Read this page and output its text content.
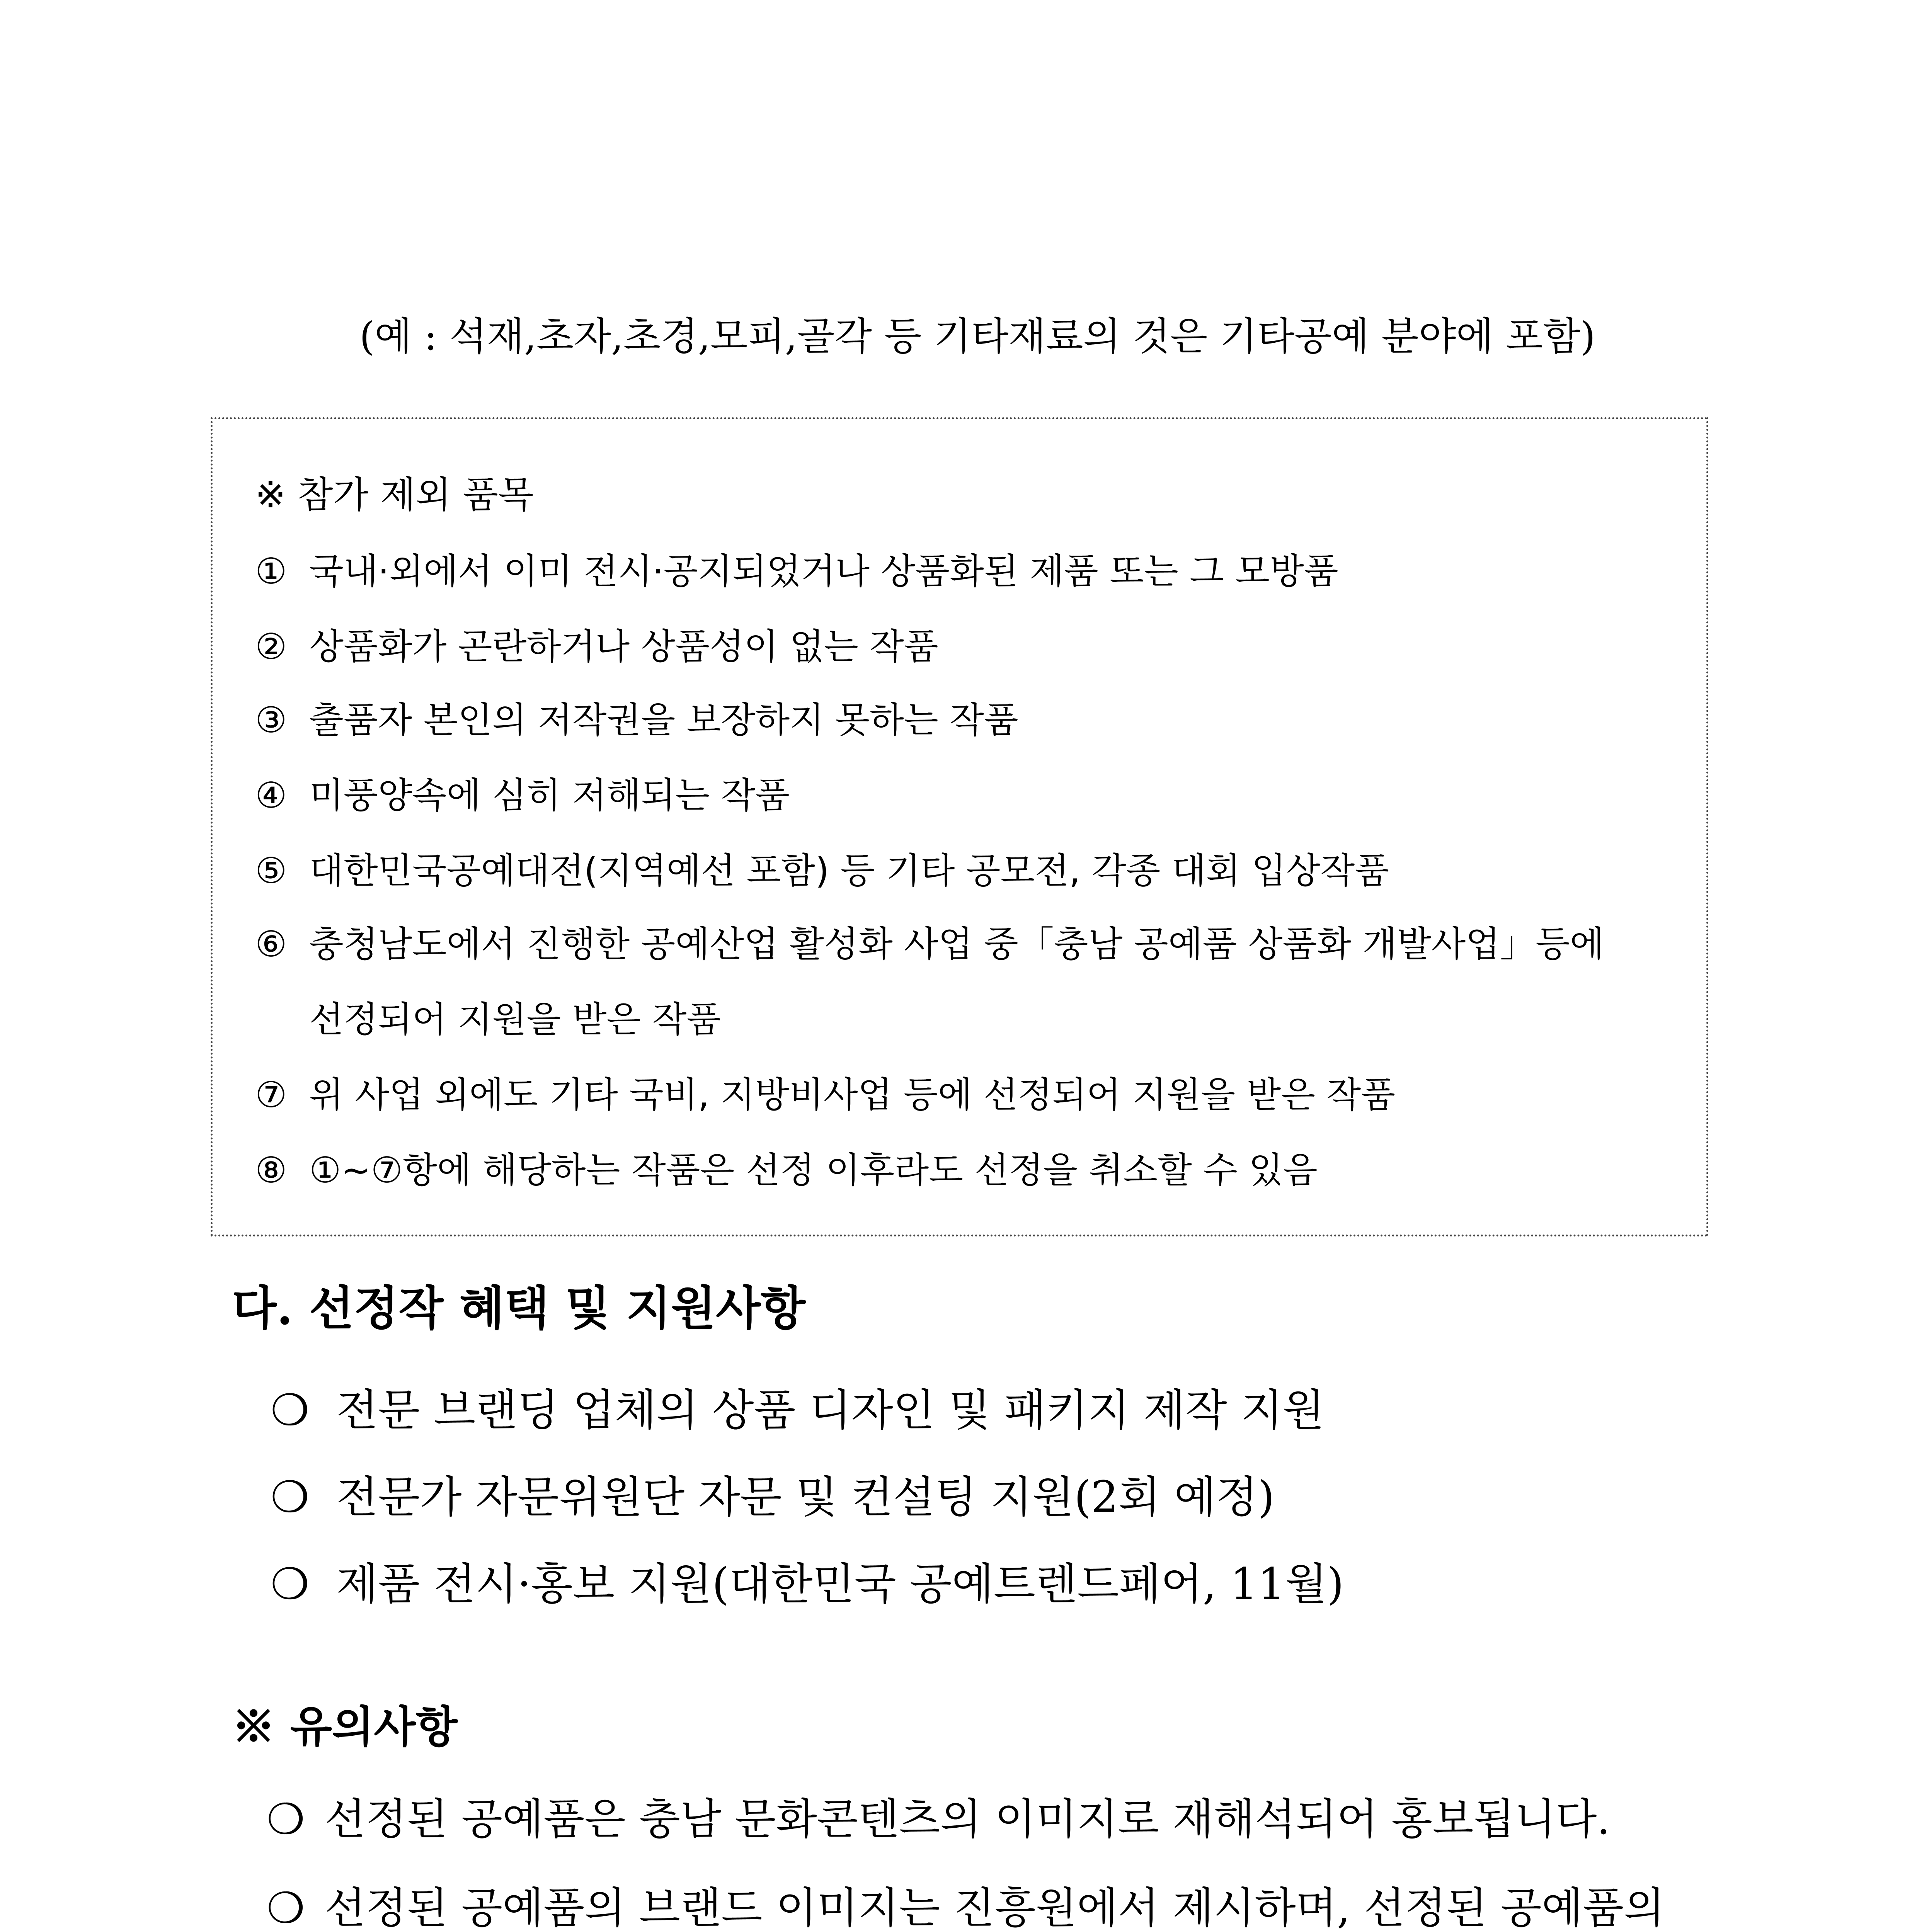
(예 : 석재,초자,초경,모피,골각 등 기타재료의 것은 기타공예 분야에 포함)
※ 참가 제외 품목
① 국내·외에서 이미 전시·공지되었거나 상품화된 제품 또는 그 모방품
② 상품화가 곤란하거나 상품성이 없는 작품
③ 출품자 본인의 저작권을 보장하지 못하는 작품
④ 미풍양속에 심히 저해되는 작품
⑤ 대한민국공예대전(지역예선 포함) 등 기타 공모전, 각종 대회 입상작품
⑥ 충청남도에서 진행한 공예산업 활성화 사업 중「충남 공예품 상품화 개발사업」등에
선정되어 지원을 받은 작품
⑦ 위 사업 외에도 기타 국비, 지방비사업 등에 선정되어 지원을 받은 작품
⑧ ①~⑦항에 해당하는 작품은 선정 이후라도 선정을 취소할 수 있음
다. 선정작 혜택 및 지원사항
❍ 전문 브랜딩 업체의 상품 디자인 및 패키지 제작 지원
❍ 전문가 자문위원단 자문 및 컨설팅 지원(2회 예정)
❍ 제품 전시·홍보 지원(대한민국 공예트렌드페어, 11월)
※ 유의사항
❍ 선정된 공예품은 충남 문화콘텐츠의 이미지로 재해석되어 홍보됩니다.
❍ 선정된 공예품의 브랜드 이미지는 진흥원에서 제시하며, 선정된 공예품의
